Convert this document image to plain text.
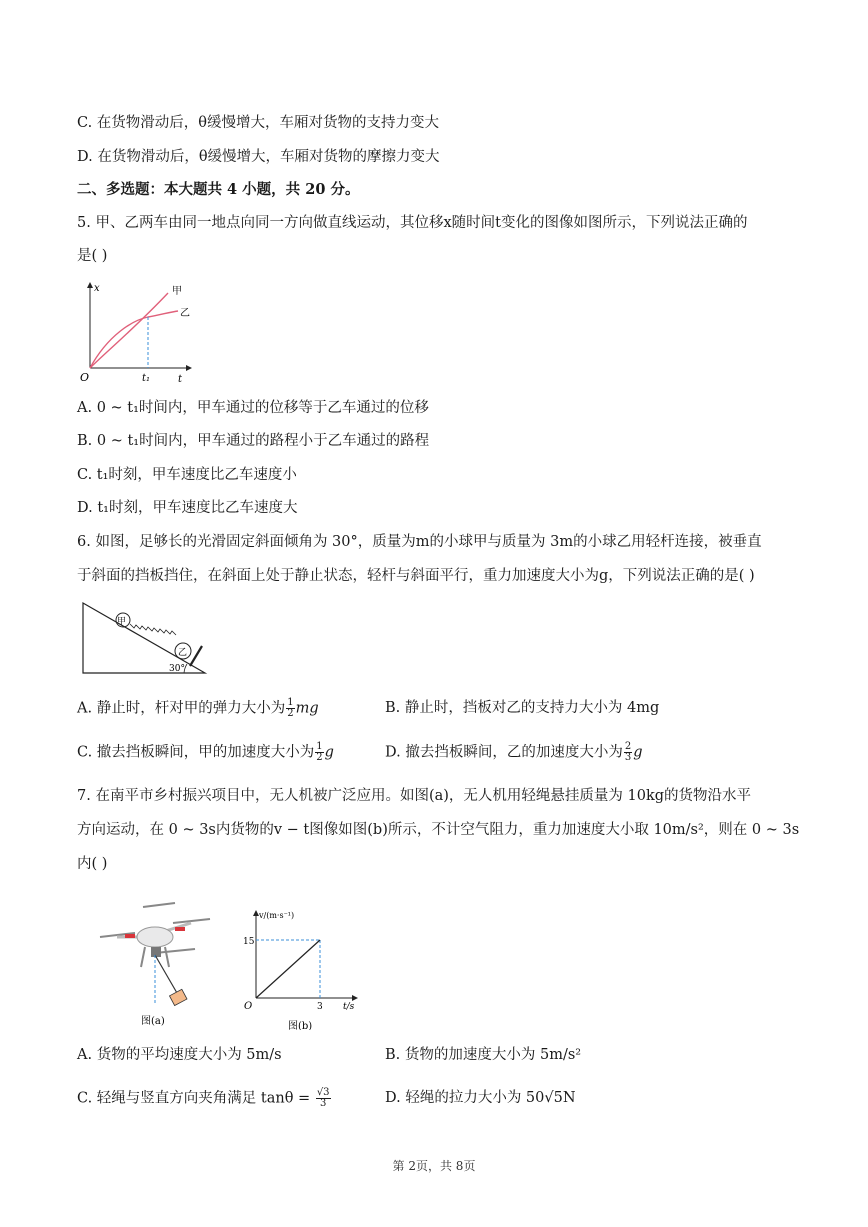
C. 在货物滑动后，θ缓慢增大，车厢对货物的支持力变大
D. 在货物滑动后，θ缓慢增大，车厢对货物的摩擦力变大
二、多选题：本大题共 4 小题，共 20 分。
5. 甲、乙两车由同一地点向同一方向做直线运动，其位移x随时间t变化的图像如图所示，下列说法正确的
是( )
x
O	t₁	t
甲
乙
A. 0 ~ t₁时间内，甲车通过的位移等于乙车通过的位移
B. 0 ~ t₁时间内，甲车通过的路程小于乙车通过的路程
C. t₁时刻，甲车速度比乙车速度小
D. t₁时刻，甲车速度比乙车速度大
6. 如图，足够长的光滑固定斜面倾角为 30°，质量为m的小球甲与质量为 3m的小球乙用轻杆连接，被垂直
于斜面的挡板挡住，在斜面上处于静止状态，轻杆与斜面平行，重力加速度大小为g，下列说法正确的是( )
甲
乙
30°
A. 静止时，杆对甲的弹力大小为 $\frac{1}{2}$ mg	B. 静止时，挡板对乙的支持力大小为 4mg
C. 撤去挡板瞬间，甲的加速度大小为 $\frac{1}{2}$ g	D. 撤去挡板瞬间，乙的加速度大小为 $\frac{2}{3}$ g
7. 在南平市乡村振兴项目中，无人机被广泛应用。如图(a)，无人机用轻绳悬挂质量为 10kg的货物沿水平
方向运动，在 0 ~ 3s内货物的v − t图像如图(b)所示，不计空气阻力，重力加速度大小取 10m/s²，则在 0 ~ 3s
内( )
图(a)
15
3
v/(m·s⁻¹)
O	t/s
图(b)
A. 货物的平均速度大小为 5m/s	B. 货物的加速度大小为 5m/s²
C. 轻绳与竖直方向夹角满足 $\tan\theta = \frac{√3}{3}$	D. 轻绳的拉力大小为 50√5N
第 2页，共 8页
